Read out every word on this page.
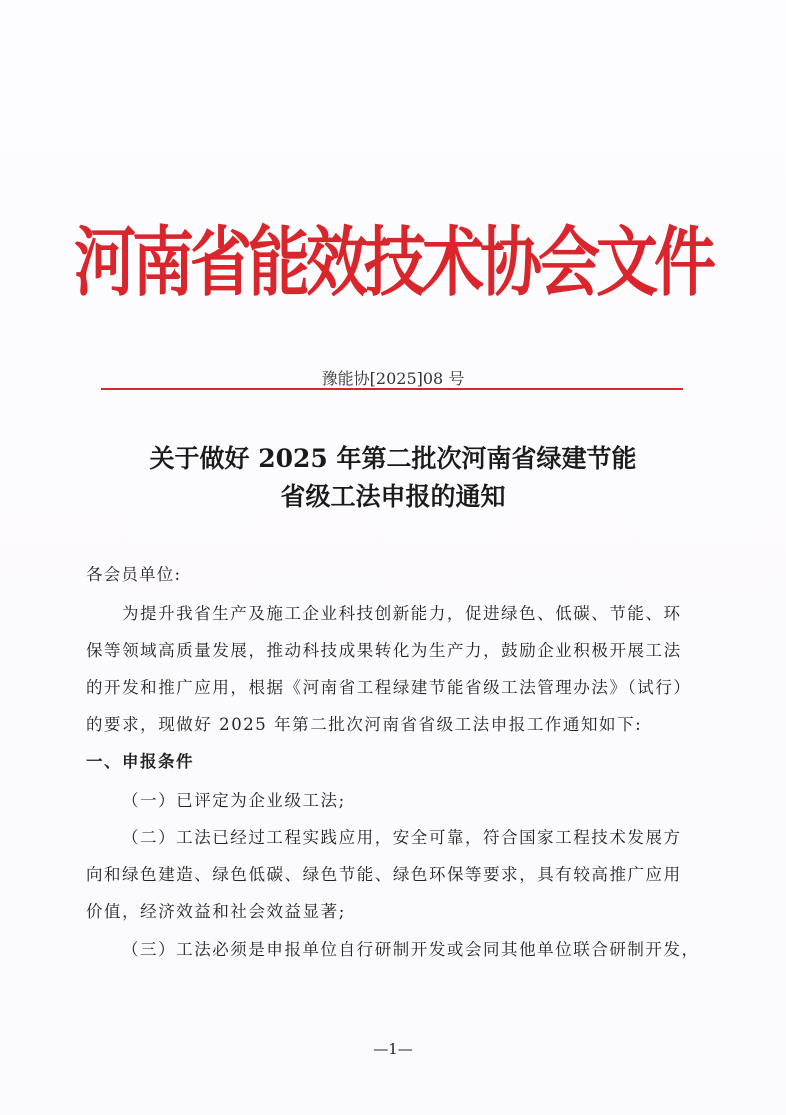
河南省能效技术协会文件
豫能协[2025]08 号
关于做好 2025 年第二批次河南省绿建节能
省级工法申报的通知
各会员单位:
为提升我省生产及施工企业科技创新能力，促进绿色、低碳、节能、环
保等领域高质量发展，推动科技成果转化为生产力，鼓励企业积极开展工法
的开发和推广应用，根据《河南省工程绿建节能省级工法管理办法》（试行）
的要求，现做好 2025 年第二批次河南省省级工法申报工作通知如下:
一、申报条件
（一）已评定为企业级工法;
（二）工法已经过工程实践应用，安全可靠，符合国家工程技术发展方
向和绿色建造、绿色低碳、绿色节能、绿色环保等要求，具有较高推广应用
价值，经济效益和社会效益显著;
（三）工法必须是申报单位自行研制开发或会同其他单位联合研制开发，
—1—
